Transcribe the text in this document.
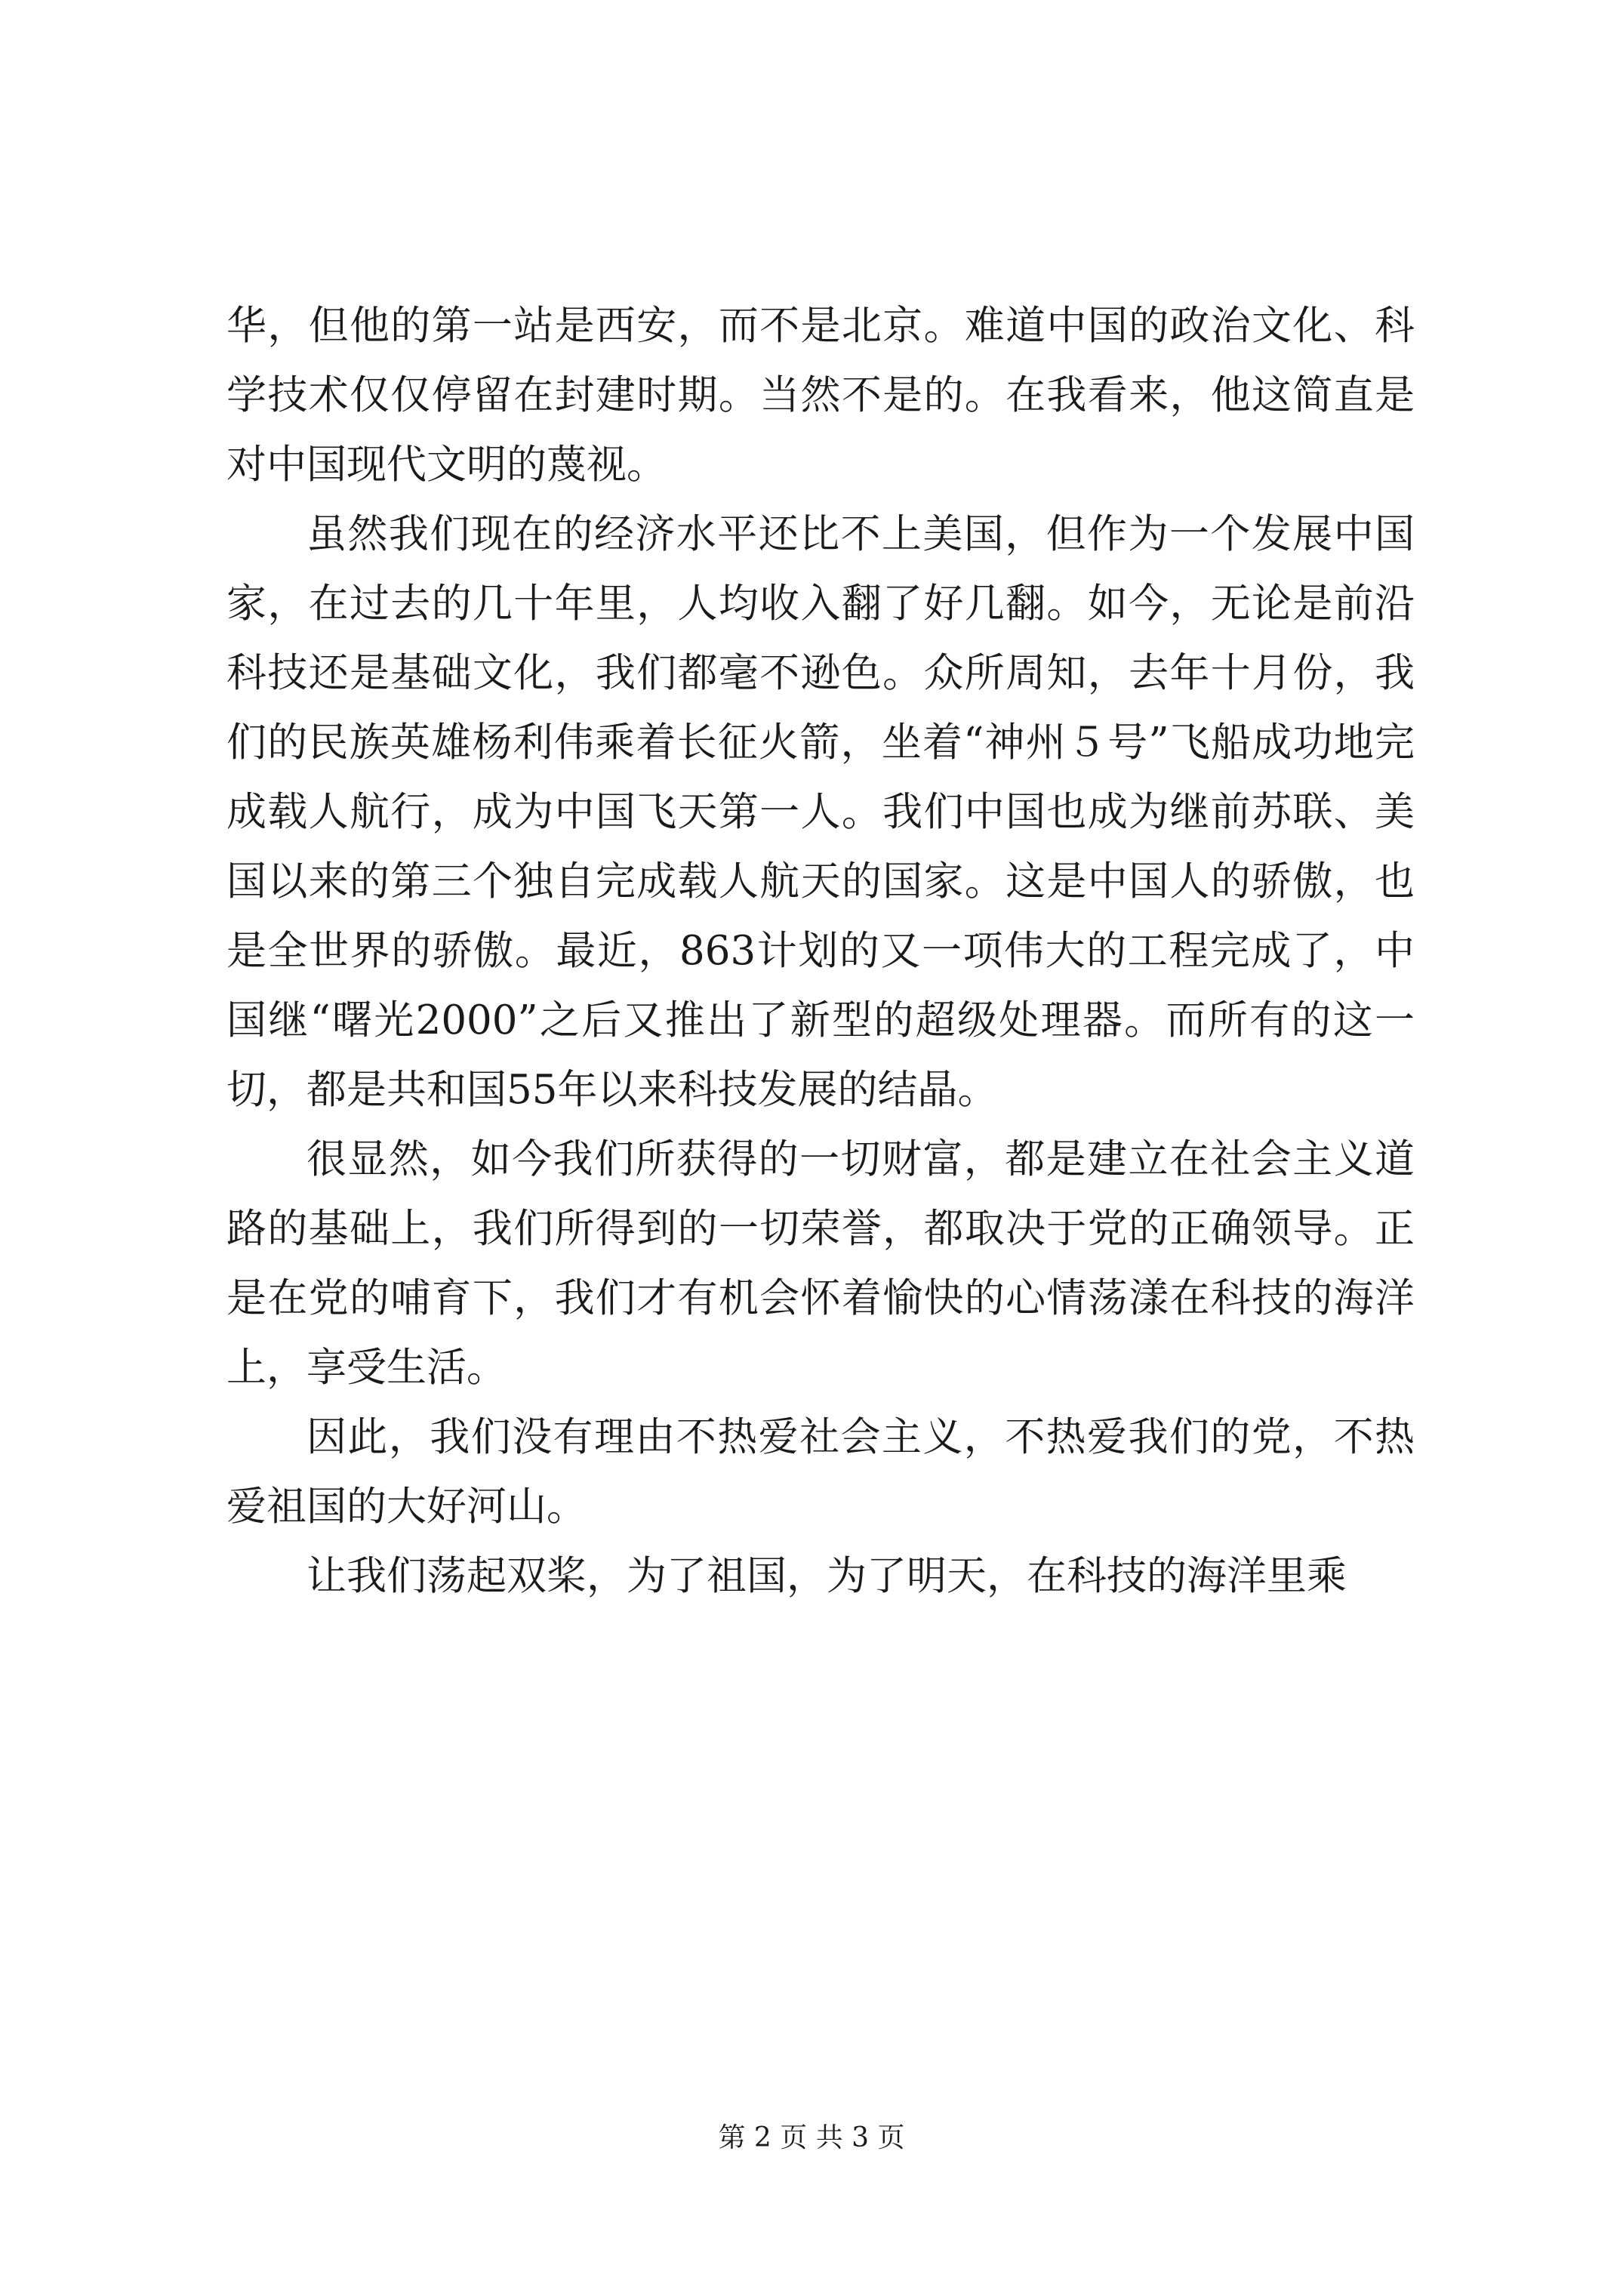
华，但他的第一站是西安，而不是北京。难道中国的政治文化、科学技术仅仅停留在封建时期。当然不是的。在我看来，他这简直是对中国现代文明的蔑视。

虽然我们现在的经济水平还比不上美国，但作为一个发展中国家，在过去的几十年里，人均收入翻了好几翻。如今，无论是前沿科技还是基础文化，我们都毫不逊色。众所周知，去年十月份，我们的民族英雄杨利伟乘着长征火箭，坐着“神州５号”飞船成功地完成载人航行，成为中国飞天第一人。我们中国也成为继前苏联、美国以来的第三个独自完成载人航天的国家。这是中国人的骄傲，也是全世界的骄傲。最近，863计划的又一项伟大的工程完成了，中国继“曙光2000”之后又推出了新型的超级处理器。而所有的这一切，都是共和国55年以来科技发展的结晶。

很显然，如今我们所获得的一切财富，都是建立在社会主义道路的基础上，我们所得到的一切荣誉，都取决于党的正确领导。正是在党的哺育下，我们才有机会怀着愉快的心情荡漾在科技的海洋上，享受生活。

因此，我们没有理由不热爱社会主义，不热爱我们的党，不热爱祖国的大好河山。

让我们荡起双桨，为了祖国，为了明天，在科技的海洋里乘

第 2 页 共 3 页
